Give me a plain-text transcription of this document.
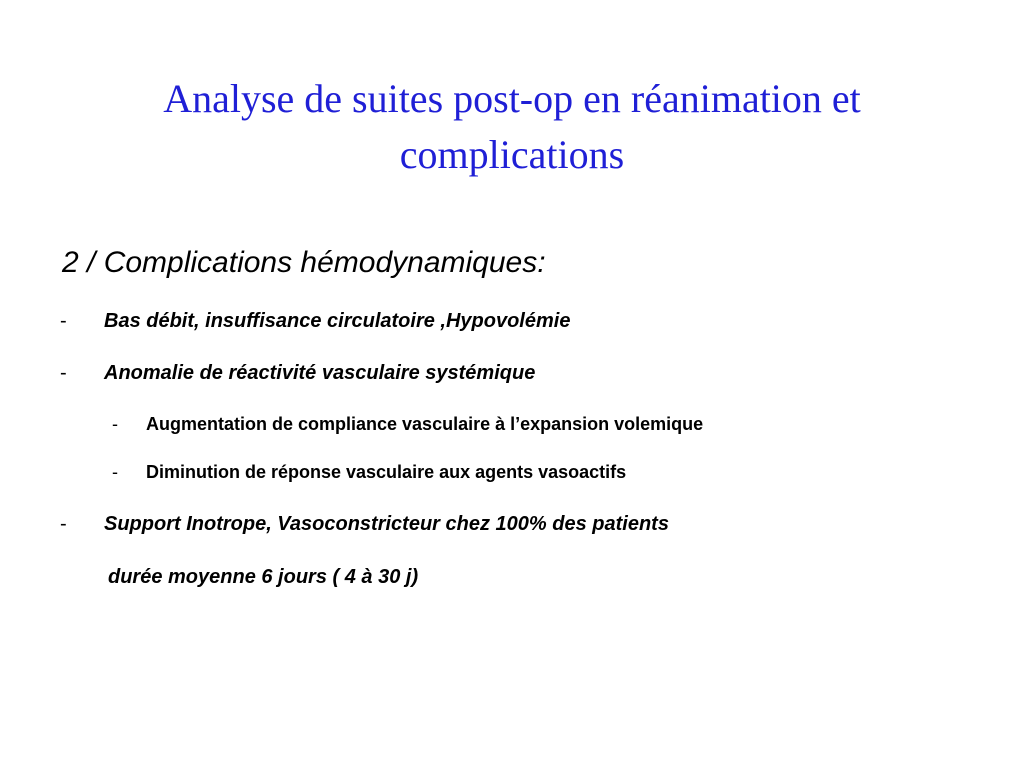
Analyse de suites post-op en réanimation et
complications
2 / Complications hémodynamiques:
- Bas débit, insuffisance circulatoire ,Hypovolémie
- Anomalie de réactivité vasculaire systémique
- Augmentation de compliance vasculaire à l’expansion volemique
- Diminution de réponse vasculaire aux agents vasoactifs
- Support Inotrope, Vasoconstricteur chez 100% des patients
durée moyenne 6 jours ( 4 à 30 j)
